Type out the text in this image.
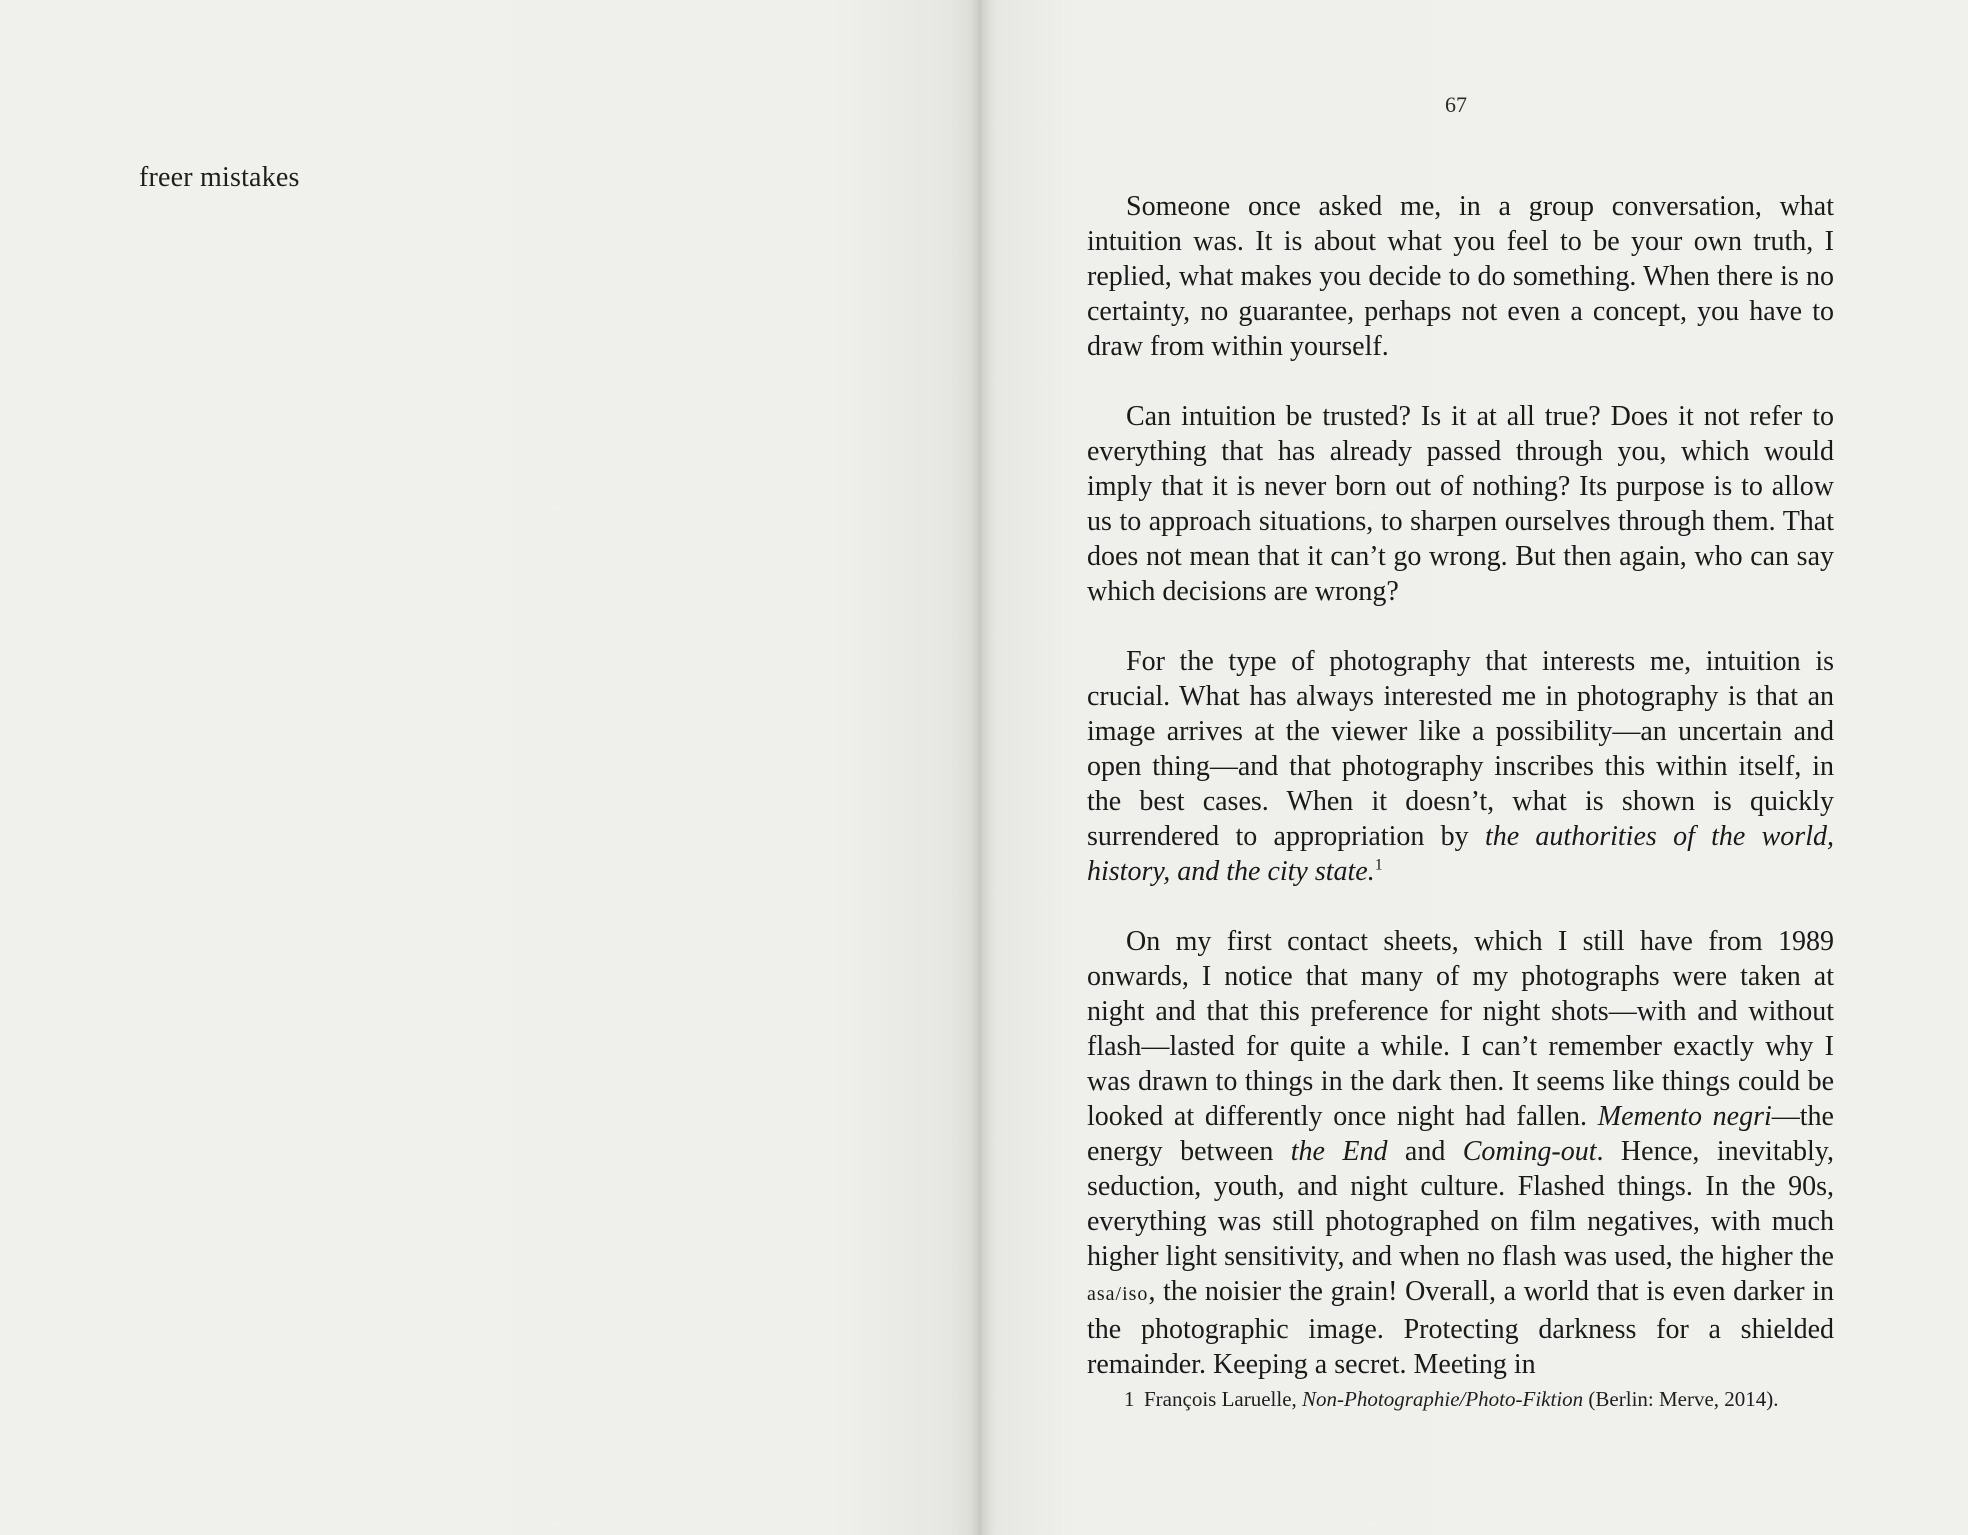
freer mistakes
67

Someone once asked me, in a group conversation, what intuition was. It is about what you feel to be your own truth, I replied, what makes you decide to do something. When there is no certainty, no guarantee, perhaps not even a concept, you have to draw from within yourself.

Can intuition be trusted? Is it at all true? Does it not refer to everything that has already passed through you, which would imply that it is never born out of nothing? Its purpose is to allow us to approach situations, to sharpen ourselves through them. That does not mean that it can’t go wrong. But then again, who can say which decisions are wrong?

For the type of photography that interests me, intuition is crucial. What has always interested me in photography is that an image arrives at the viewer like a possibility—an uncertain and open thing—and that photography inscribes this within itself, in the best cases. When it doesn’t, what is shown is quickly surrendered to appropriation by the authorities of the world, history, and the city state.$^1$

On my first contact sheets, which I still have from 1989 onwards, I notice that many of my photographs were taken at night and that this preference for night shots—with and without flash—lasted for quite a while. I can’t remember exactly why I was drawn to things in the dark then. It seems like things could be looked at differently once night had fallen. Memento negri—the energy between the End and Coming-out. Hence, inevitably, seduction, youth, and night culture. Flashed things. In the 90s, everything was still photographed on film negatives, with much higher light sensitivity, and when no flash was used, the higher the asa/iso, the noisier the grain! Overall, a world that is even darker in the photographic image. Protecting darkness for a shielded remainder. Keeping a secret. Meeting in

1 François Laruelle, Non-Photographie/Photo-Fiktion (Berlin: Merve, 2014).
